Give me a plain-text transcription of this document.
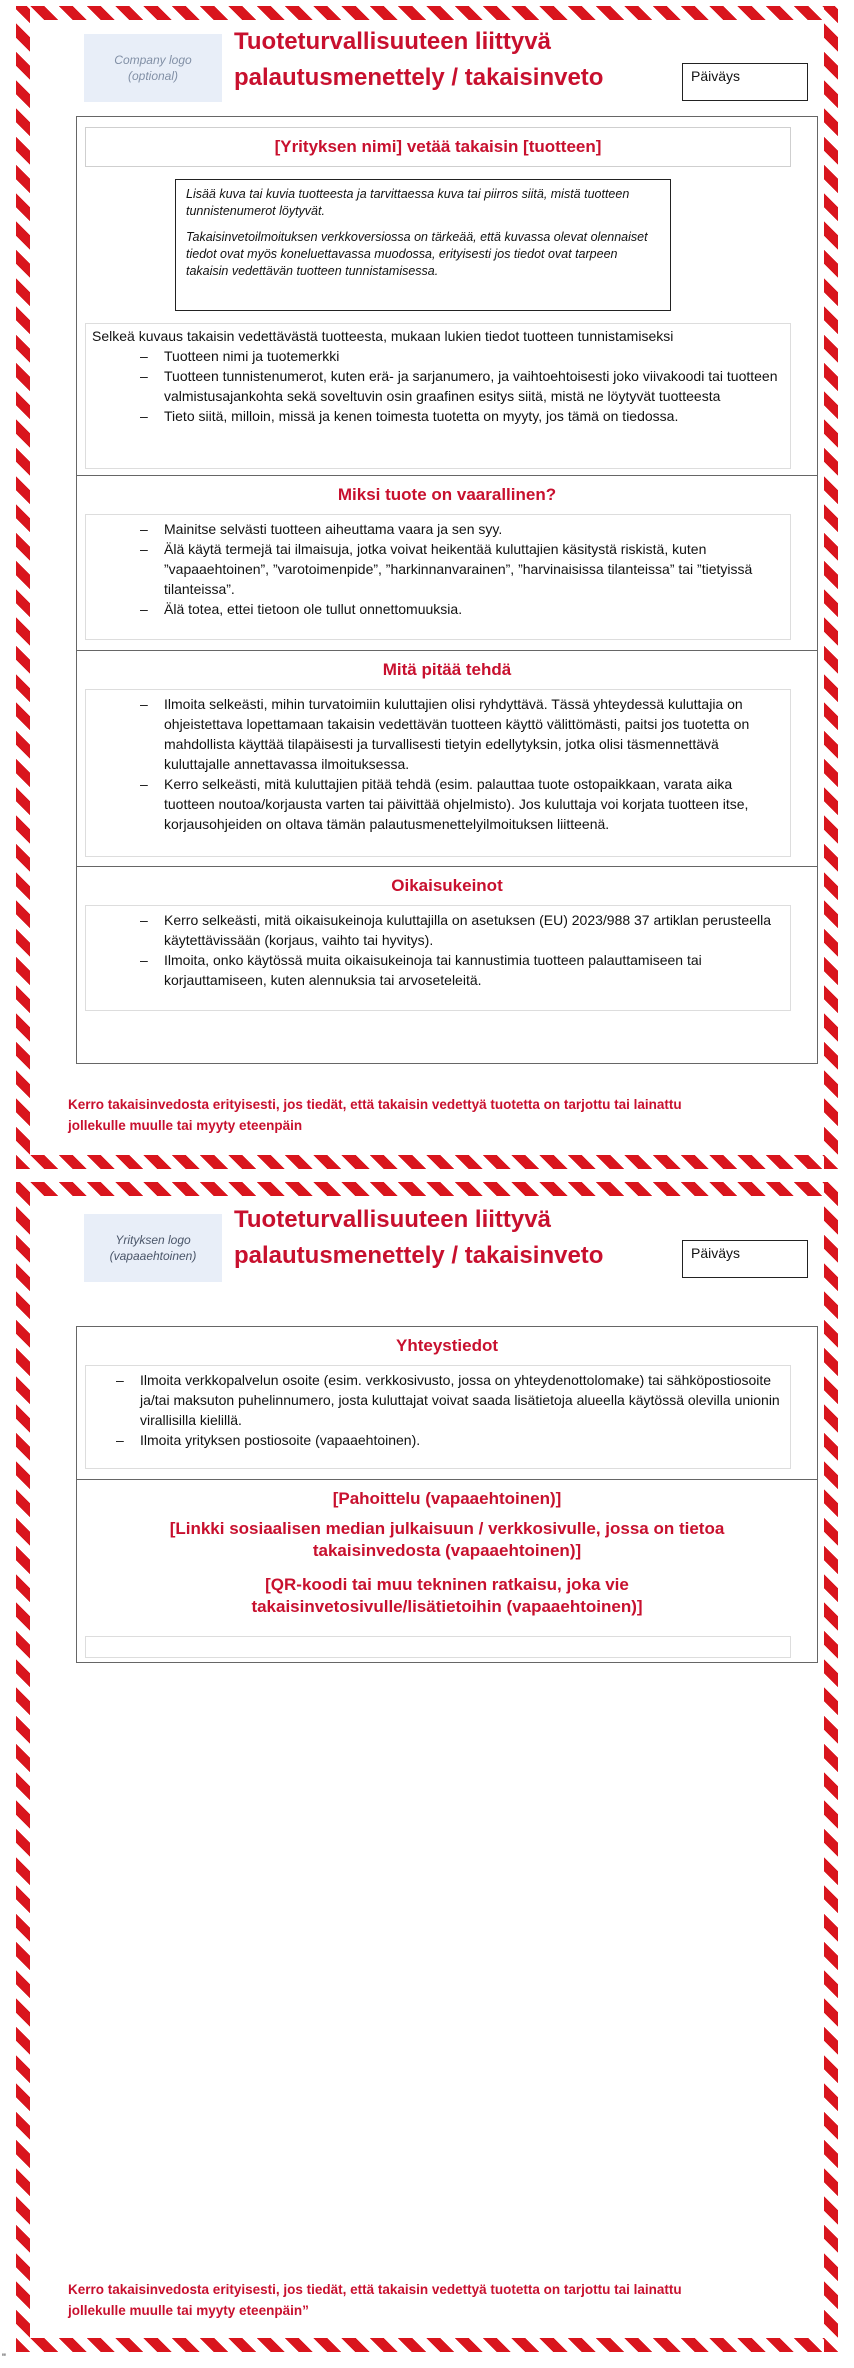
Company logo (optional)
Tuoteturvallisuuteen liittyvä palautusmenettely / takaisinveto	Päiväys
[Yrityksen nimi] vetää takaisin [tuotteen]
Lisää kuva tai kuvia tuotteesta ja tarvittaessa kuva tai piirros siitä, mistä tuotteen tunnistenumerot löytyvät.
Takaisinvetoilmoituksen verkkoversiossa on tärkeää, että kuvassa olevat olennaiset tiedot ovat myös koneluettavassa muodossa, erityisesti jos tiedot ovat tarpeen takaisin vedettävän tuotteen tunnistamisessa.
Selkeä kuvaus takaisin vedettävästä tuotteesta, mukaan lukien tiedot tuotteen tunnistamiseksi
– Tuotteen nimi ja tuotemerkki
– Tuotteen tunnistenumerot, kuten erä- ja sarjanumero, ja vaihtoehtoisesti joko viivakoodi tai tuotteen valmistusajankohta sekä soveltuvin osin graafinen esitys siitä, mistä ne löytyvät tuotteesta
– Tieto siitä, milloin, missä ja kenen toimesta tuotetta on myyty, jos tämä on tiedossa.
Miksi tuote on vaarallinen?
– Mainitse selvästi tuotteen aiheuttama vaara ja sen syy.
– Älä käytä termejä tai ilmaisuja, jotka voivat heikentää kuluttajien käsitystä riskistä, kuten ”vapaaehtoinen”, ”varotoimenpide”, ”harkinnanvarainen”, ”harvinaisissa tilanteissa” tai ”tietyissä tilanteissa”.
– Älä totea, ettei tietoon ole tullut onnettomuuksia.
Mitä pitää tehdä
– Ilmoita selkeästi, mihin turvatoimiin kuluttajien olisi ryhdyttävä. Tässä yhteydessä kuluttajia on ohjeistettava lopettamaan takaisin vedettävän tuotteen käyttö välittömästi, paitsi jos tuotetta on mahdollista käyttää tilapäisesti ja turvallisesti tietyin edellytyksin, jotka olisi täsmennettävä kuluttajalle annettavassa ilmoituksessa.
– Kerro selkeästi, mitä kuluttajien pitää tehdä (esim. palauttaa tuote ostopaikkaan, varata aika tuotteen noutoa/korjausta varten tai päivittää ohjelmisto). Jos kuluttaja voi korjata tuotteen itse, korjausohjeiden on oltava tämän palautusmenettelyilmoituksen liitteenä.
Oikaisukeinot
– Kerro selkeästi, mitä oikaisukeinoja kuluttajilla on asetuksen (EU) 2023/988 37 artiklan perusteella käytettävissään (korjaus, vaihto tai hyvitys).
– Ilmoita, onko käytössä muita oikaisukeinoja tai kannustimia tuotteen palauttamiseen tai korjauttamiseen, kuten alennuksia tai arvoseteleitä.
Kerro takaisinvedosta erityisesti, jos tiedät, että takaisin vedettyä tuotetta on tarjottu tai lainattu jollekulle muulle tai myyty eteenpäin
Yrityksen logo (vapaaehtoinen)
Tuoteturvallisuuteen liittyvä palautusmenettely / takaisinveto	Päiväys
Yhteystiedot
– Ilmoita verkkopalvelun osoite (esim. verkkosivusto, jossa on yhteydenottolomake) tai sähköpostiosoite ja/tai maksuton puhelinnumero, josta kuluttajat voivat saada lisätietoja alueella käytössä olevilla unionin virallisilla kielillä.
– Ilmoita yrityksen postiosoite (vapaaehtoinen).
[Pahoittelu (vapaaehtoinen)]
[Linkki sosiaalisen median julkaisuun / verkkosivulle, jossa on tietoa takaisinvedosta (vapaaehtoinen)]
[QR-koodi tai muu tekninen ratkaisu, joka vie takaisinvetosivulle/lisätietoihin (vapaaehtoinen)]
Kerro takaisinvedosta erityisesti, jos tiedät, että takaisin vedettyä tuotetta on tarjottu tai lainattu jollekulle muulle tai myyty eteenpäin”
"
